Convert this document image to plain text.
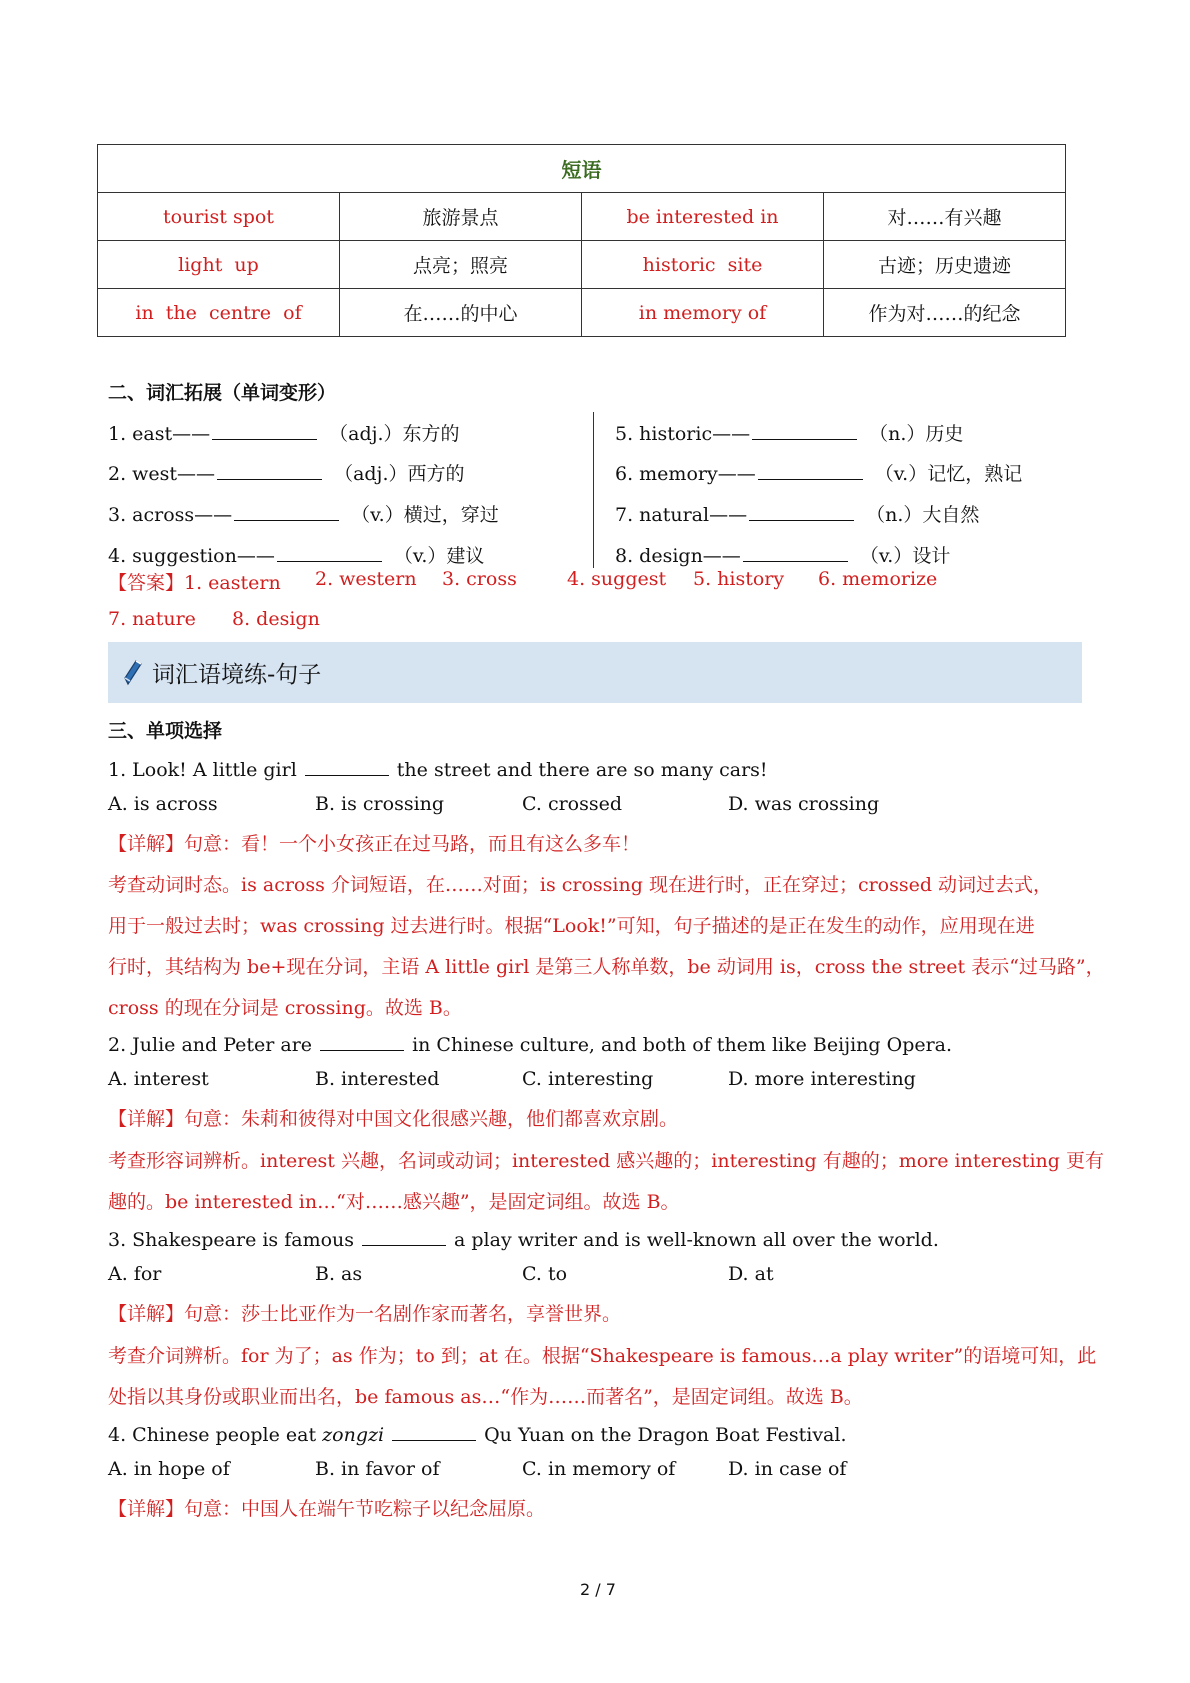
短语			
tourist spot	旅游景点	be interested in	对……有兴趣
light  up	点亮；照亮	historic  site	古迹；历史遗迹
in  the  centre  of	在……的中心	in memory of	作为对……的纪念
二、词汇拓展（单词变形）
1. east——	（adj.）东方的
2. west——	（adj.）西方的
3. across——	（v.）横过，穿过
4. suggestion——	（v.）建议
5. historic——	（n.）历史
6. memory——	（v.）记忆，熟记
7. natural——	（n.）大自然
8. design——	（v.）设计
【答案】1. eastern 2. western 3. cross	4. suggest 5. history 6. memorize
7. nature 8. design
词汇语境练-句子
三、单项选择
1. Look! A little girl	the street and there are so many cars!
A. is across	B. is crossing	C. crossed	D. was crossing
【详解】句意：看！一个小女孩正在过马路，而且有这么多车！
考查动词时态。is across 介词短语，在……对面；is crossing 现在进行时，正在穿过；crossed 动词过去式，
用于一般过去时；was crossing 过去进行时。根据“Look!”可知，句子描述的是正在发生的动作，应用现在进
行时，其结构为 be+现在分词，主语 A little girl 是第三人称单数，be 动词用 is，cross the street 表示“过马路”，
cross 的现在分词是 crossing。故选 B。
2. Julie and Peter are	in Chinese culture, and both of them like Beijing Opera.
A. interest	B. interested	C. interesting	D. more interesting
【详解】句意：朱莉和彼得对中国文化很感兴趣，他们都喜欢京剧。
考查形容词辨析。interest 兴趣，名词或动词；interested 感兴趣的；interesting 有趣的；more interesting 更有
趣的。be interested in…“对……感兴趣”，是固定词组。故选 B。
3. Shakespeare is famous	a play writer and is well-known all over the world.
A. for	B. as	C. to	D. at
【详解】句意：莎士比亚作为一名剧作家而著名，享誉世界。
考查介词辨析。for 为了；as 作为；to 到；at 在。根据“Shakespeare is famous…a play writer”的语境可知，此
处指以其身份或职业而出名，be famous as…“作为……而著名”，是固定词组。故选 B。
4. Chinese people eat zongzi	Qu Yuan on the Dragon Boat Festival.
A. in hope of	B. in favor of	C. in memory of	D. in case of
【详解】句意：中国人在端午节吃粽子以纪念屈原。
2 / 7
